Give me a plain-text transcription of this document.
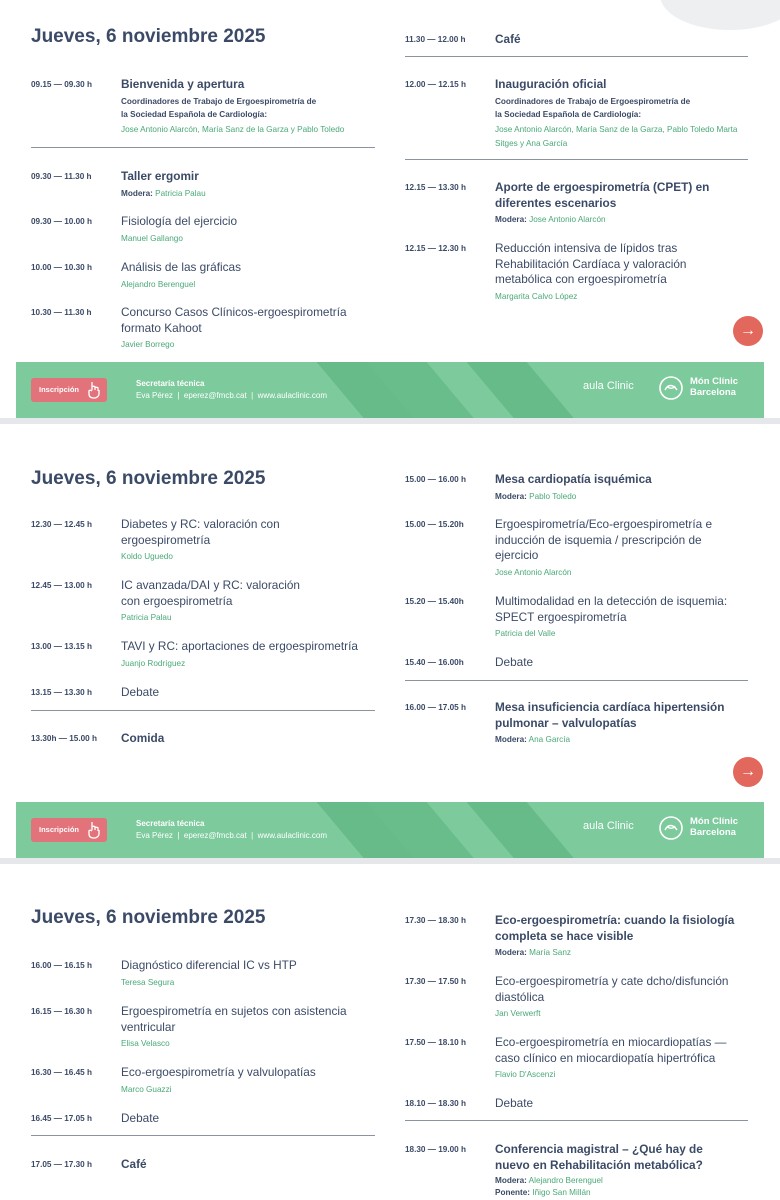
Jueves, 6 noviembre 2025
09.15 — 09.30 h Bienvenida y apertura
Coordinadores de Trabajo de Ergoespirometría de la Sociedad Española de Cardiología:
Jose Antonio Alarcón, María Sanz de la Garza y Pablo Toledo
09.30 — 11.30 h Taller ergomir
Modera: Patricia Palau
09.30 — 10.00 h Fisiología del ejercicio
Manuel Gallango
10.00 — 10.30 h Análisis de las gráficas
Alejandro Berenguel
10.30 — 11.30 h Concurso Casos Clínicos-ergoespirometría formato Kahoot
Javier Borrego
11.30 — 12.00 h Café
12.00 — 12.15 h Inauguración oficial
Coordinadores de Trabajo de Ergoespirometría de la Sociedad Española de Cardiología:
Jose Antonio Alarcón, María Sanz de la Garza, Pablo Toledo Marta Sitges y Ana García
12.15 — 13.30 h Aporte de ergoespirometría (CPET) en diferentes escenarios
Modera: Jose Antonio Alarcón
12.15 — 12.30 h Reducción intensiva de lípidos tras Rehabilitación Cardíaca y valoración metabólica con ergoespirometría
Margarita Calvo López
→
Inscripción
Secretaría técnica
Eva Pérez  |  eperez@fmcb.cat  |  www.aulaclinic.com
aula Clinic	Món Clínic
Barcelona
Jueves, 6 noviembre 2025
12.30 — 12.45 h Diabetes y RC: valoración con ergoespirometría
Koldo Uguedo
12.45 — 13.00 h IC avanzada/DAI y RC: valoración con ergoespirometría
Patricia Palau
13.00 — 13.15 h TAVI y RC: aportaciones de ergoespirometría
Juanjo Rodríguez
13.15 — 13.30 h Debate
13.30h — 15.00 h Comida
15.00 — 16.00 h Mesa cardiopatía isquémica
Modera: Pablo Toledo
15.00 — 15.20h	Ergoespirometría/Eco-ergoespirometría e inducción de isquemia / prescripción de ejercicio
Jose Antonio Alarcón
15.20 — 15.40h	Multimodalidad en la detección de isquemia: SPECT ergoespirometría
Patricia del Valle
15.40 — 16.00h	Debate
16.00 — 17.05 h Mesa insuficiencia cardíaca hipertensión pulmonar – valvulopatías
Modera: Ana García
→
Inscripción
Secretaría técnica
Eva Pérez  |  eperez@fmcb.cat  |  www.aulaclinic.com
aula Clinic	Món Clínic
Barcelona
Jueves, 6 noviembre 2025
16.00 — 16.15 h Diagnóstico diferencial IC vs HTP
Teresa Segura
16.15 — 16.30 h Ergoespirometría en sujetos con asistencia ventricular
Elisa Velasco
16.30 — 16.45 h Eco-ergoespirometría y valvulopatías
Marco Guazzi
16.45 — 17.05 h Debate
17.05 — 17.30 h Café
17.30 — 18.30 h Eco-ergoespirometría: cuando la fisiología completa se hace visible
Modera: María Sanz
17.30 — 17.50 h Eco-ergoespirometría y cate dcho/disfunción diastólica
Jan Verwerft
17.50 — 18.10 h Eco-ergoespirometría en miocardiopatías — caso clínico en miocardiopatía hipertrófica
Flavio D'Ascenzi
18.10 — 18.30 h Debate
18.30 — 19.00 h Conferencia magistral – ¿Qué hay de nuevo en Rehabilitación metabólica?
Modera: Alejandro Berenguel
Ponente: Iñigo San Millán
